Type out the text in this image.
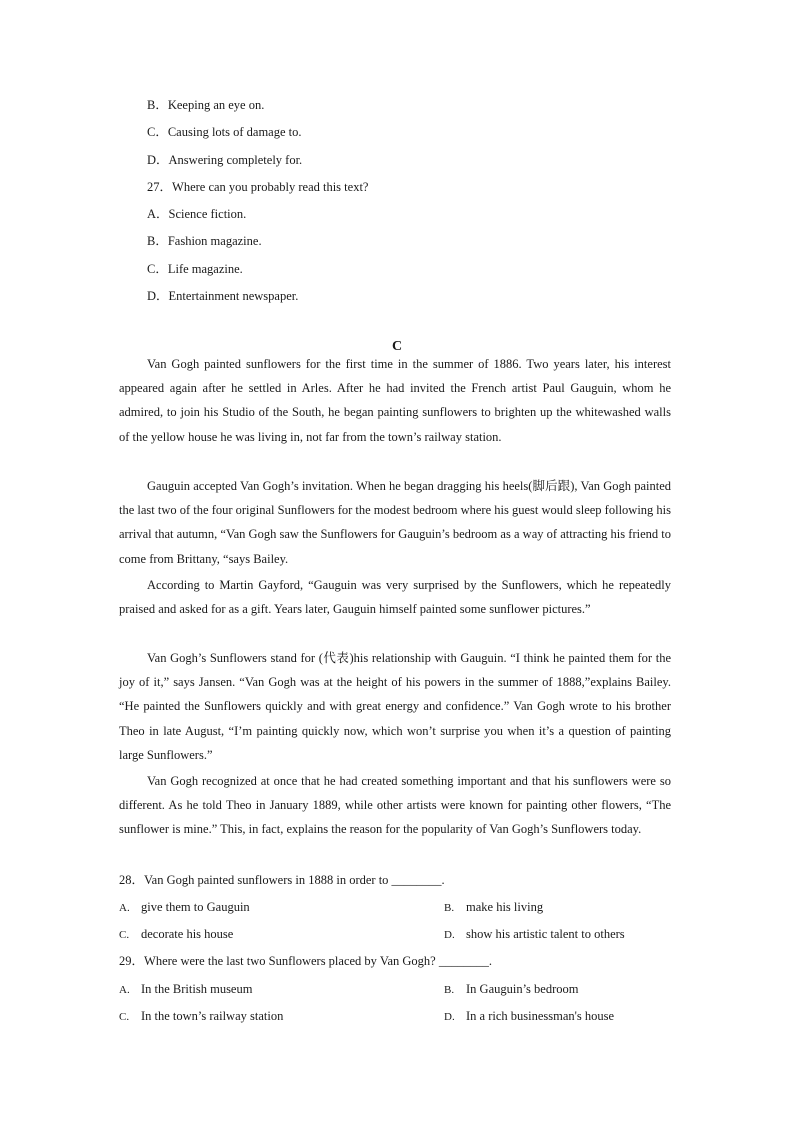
B．Keeping an eye on.
C．Causing lots of damage to.
D．Answering completely for.
27．Where can you probably read this text?
A．Science fiction.
B．Fashion magazine.
C．Life magazine.
D．Entertainment newspaper.
C
Van Gogh painted sunflowers for the first time in the summer of 1886. Two years later, his interest appeared again after he settled in Arles. After he had invited the French artist Paul Gauguin, whom he admired, to join his Studio of the South, he began painting sunflowers to brighten up the whitewashed walls of the yellow house he was living in, not far from the town’s railway station.
Gauguin accepted Van Gogh’s invitation. When he began dragging his heels(脚后跟), Van Gogh painted the last two of the four original Sunflowers for the modest bedroom where his guest would sleep following his arrival that autumn, “Van Gogh saw the Sunflowers for Gauguin’s bedroom as a way of attracting his friend to come from Brittany, “says Bailey.
According to Martin Gayford, “Gauguin was very surprised by the Sunflowers, which he repeatedly praised and asked for as a gift. Years later, Gauguin himself painted some sunflower pictures.”
Van Gogh’s Sunflowers stand for (代表)his relationship with Gauguin. “I think he painted them for the joy of it,” says Jansen. “Van Gogh was at the height of his powers in the summer of 1888,”explains Bailey. “He painted the Sunflowers quickly and with great energy and confidence.” Van Gogh wrote to his brother Theo in late August, “I’m painting quickly now, which won’t surprise you when it’s a question of painting large Sunflowers.”
Van Gogh recognized at once that he had created something important and that his sunflowers were so different. As he told Theo in January 1889, while other artists were known for painting other flowers, “The sunflower is mine.” This, in fact, explains the reason for the popularity of Van Gogh’s Sunflowers today.
28．Van Gogh painted sunflowers in 1888 in order to ________.
A. give them to Gauguin	B. make his living
C. decorate his house	D. show his artistic talent to others
29．Where were the last two Sunflowers placed by Van Gogh? ________.
A. In the British museum	B. In Gauguin’s bedroom
C. In the town’s railway station	D. In a rich businessman's house
